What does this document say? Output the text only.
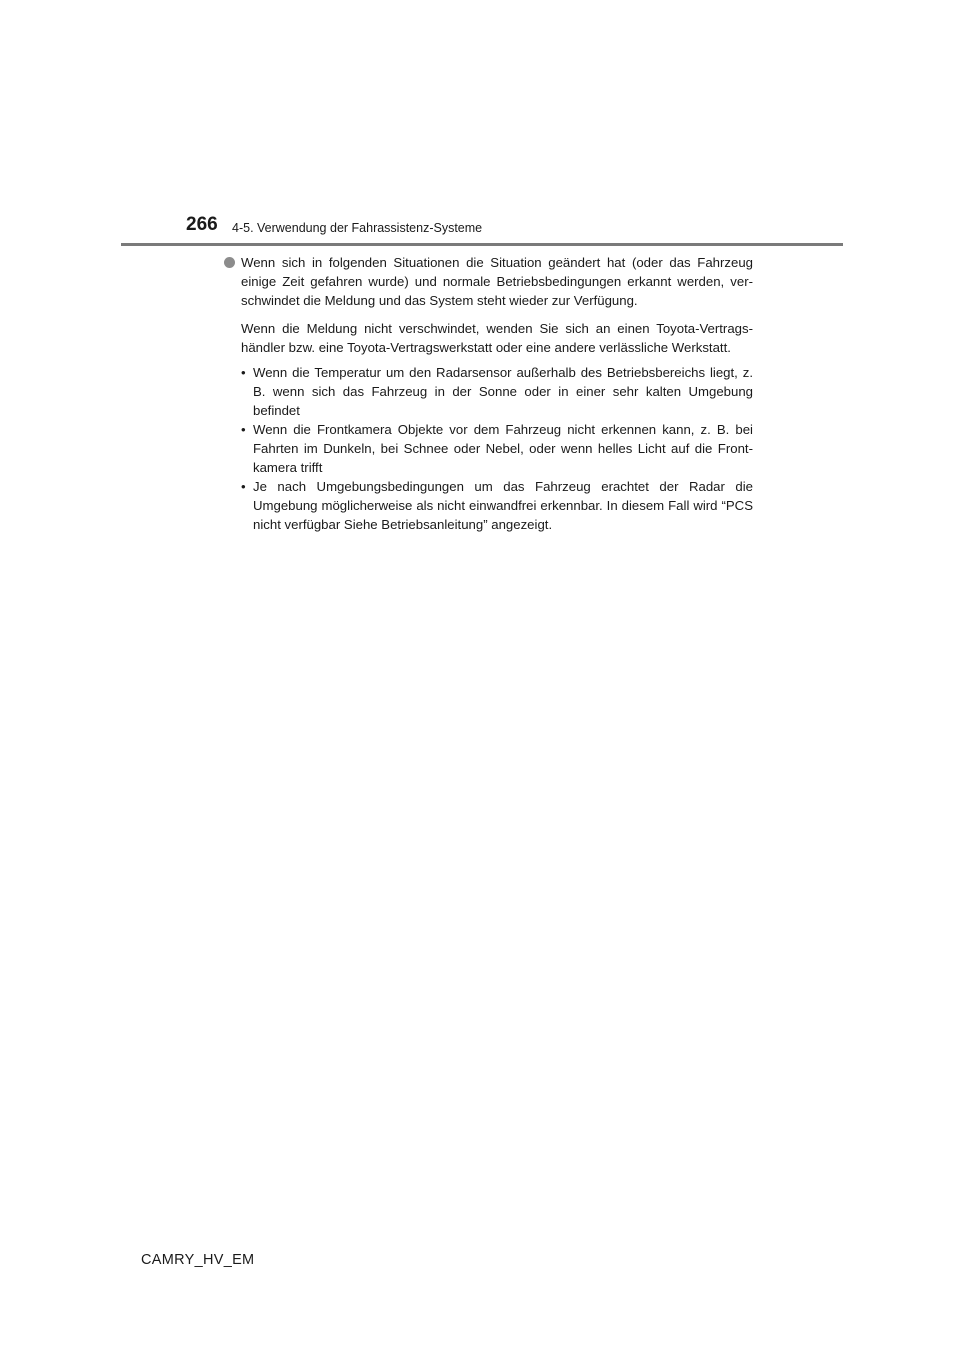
266 4-5. Verwendung der Fahrassistenz-Systeme
Wenn sich in folgenden Situationen die Situation geändert hat (oder das Fahrzeug einige Zeit gefahren wurde) und normale Betriebsbedingungen erkannt werden, verschwindet die Meldung und das System steht wieder zur Verfügung.

Wenn die Meldung nicht verschwindet, wenden Sie sich an einen Toyota-Vertragshändler bzw. eine Toyota-Vertragswerkstatt oder eine andere verlässliche Werkstatt.

• Wenn die Temperatur um den Radarsensor außerhalb des Betriebsbereichs liegt, z. B. wenn sich das Fahrzeug in der Sonne oder in einer sehr kalten Umgebung befindet
• Wenn die Frontkamera Objekte vor dem Fahrzeug nicht erkennen kann, z. B. bei Fahrten im Dunkeln, bei Schnee oder Nebel, oder wenn helles Licht auf die Frontkamera trifft
• Je nach Umgebungsbedingungen um das Fahrzeug erachtet der Radar die Umgebung möglicherweise als nicht einwandfrei erkennbar. In diesem Fall wird “PCS nicht verfügbar Siehe Betriebsanleitung” angezeigt.
CAMRY_HV_EM
